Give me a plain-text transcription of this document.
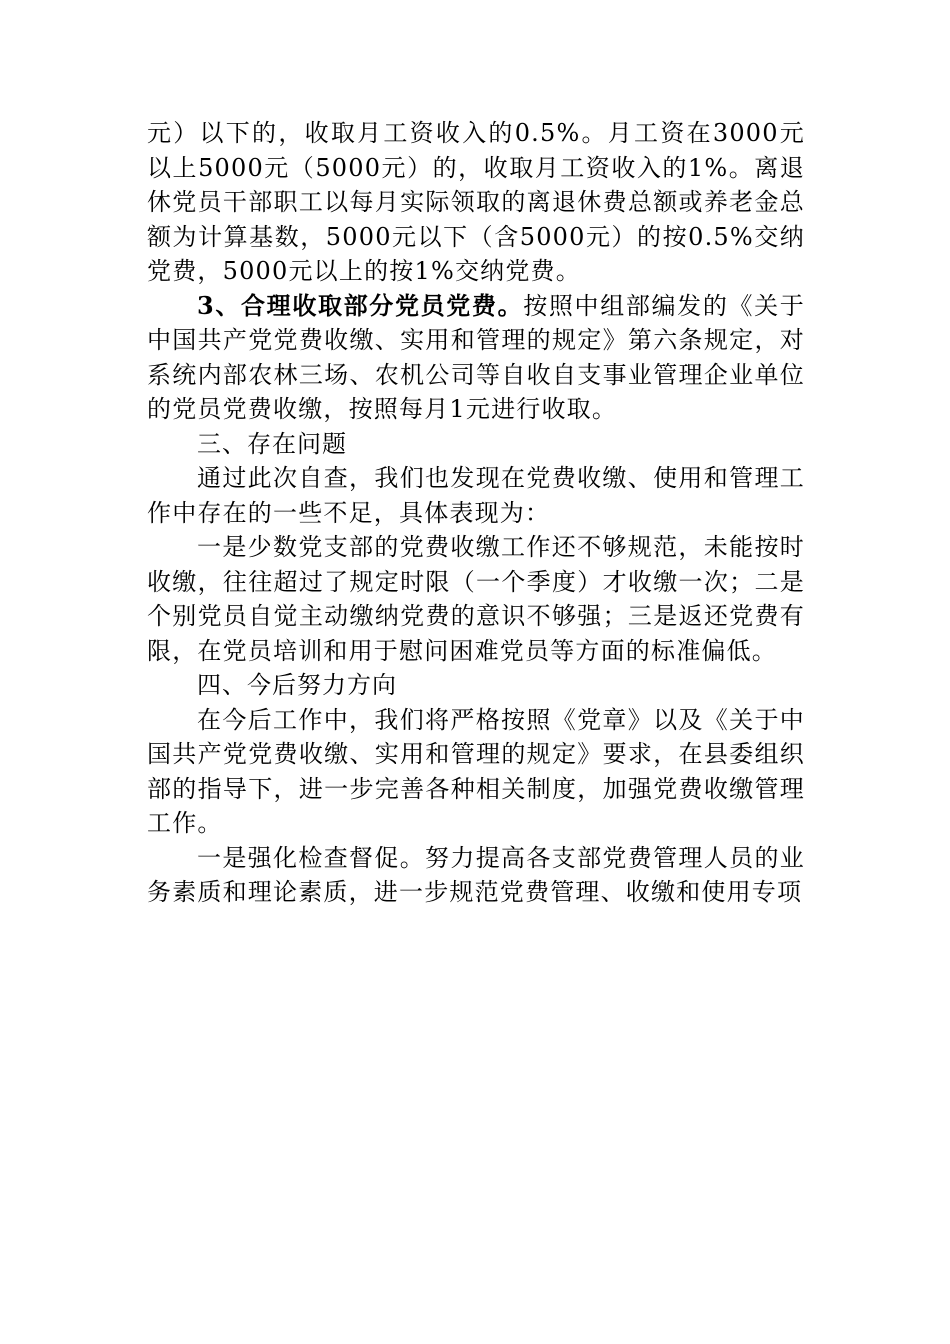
元）以下的，收取月工资收入的0.5%。月工资在3000元以上5000元（5000元）的，收取月工资收入的1%。离退休党员干部职工以每月实际领取的离退休费总额或养老金总额为计算基数，5000元以下（含5000元）的按0.5%交纳党费，5000元以上的按1%交纳党费。

3、合理收取部分党员党费。按照中组部编发的《关于中国共产党党费收缴、实用和管理的规定》第六条规定，对系统内部农林三场、农机公司等自收自支事业管理企业单位的党员党费收缴，按照每月1元进行收取。

三、存在问题

通过此次自查，我们也发现在党费收缴、使用和管理工作中存在的一些不足，具体表现为：

一是少数党支部的党费收缴工作还不够规范，未能按时收缴，往往超过了规定时限（一个季度）才收缴一次；二是个别党员自觉主动缴纳党费的意识不够强；三是返还党费有限，在党员培训和用于慰问困难党员等方面的标准偏低。

四、今后努力方向

在今后工作中，我们将严格按照《党章》以及《关于中国共产党党费收缴、实用和管理的规定》要求，在县委组织部的指导下，进一步完善各种相关制度，加强党费收缴管理工作。

一是强化检查督促。努力提高各支部党费管理人员的业务素质和理论素质，进一步规范党费管理、收缴和使用专项
